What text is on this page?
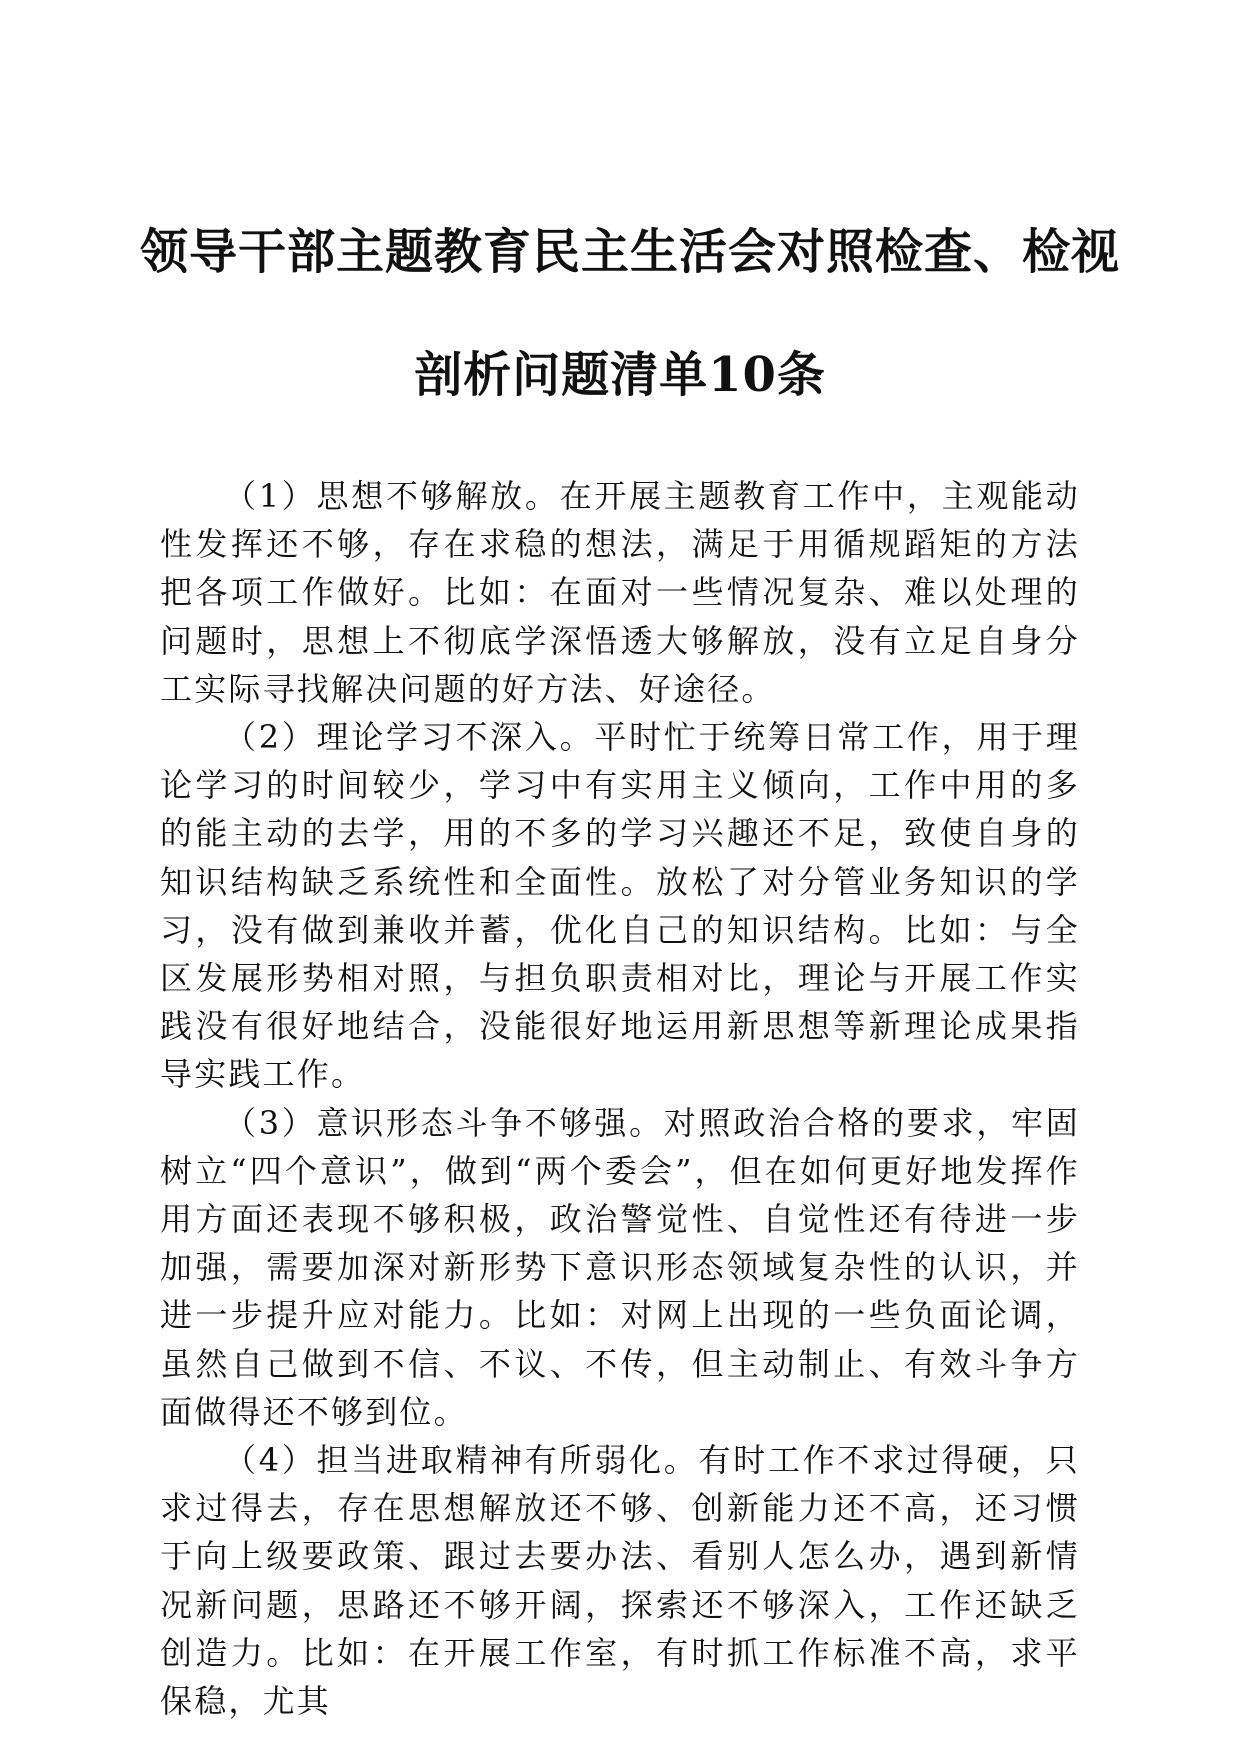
领导干部主题教育民主生活会对照检查、检视
剖析问题清单10条

（1）思想不够解放。在开展主题教育工作中，主观能动性发挥还不够，存在求稳的想法，满足于用循规蹈矩的方法把各项工作做好。比如：在面对一些情况复杂、难以处理的问题时，思想上不彻底学深悟透大够解放，没有立足自身分工实际寻找解决问题的好方法、好途径。

（2）理论学习不深入。平时忙于统筹日常工作，用于理论学习的时间较少，学习中有实用主义倾向，工作中用的多的能主动的去学，用的不多的学习兴趣还不足，致使自身的知识结构缺乏系统性和全面性。放松了对分管业务知识的学习，没有做到兼收并蓄，优化自己的知识结构。比如：与全区发展形势相对照，与担负职责相对比，理论与开展工作实践没有很好地结合，没能很好地运用新思想等新理论成果指导实践工作。

（3）意识形态斗争不够强。对照政治合格的要求，牢固树立“四个意识”，做到“两个委会”，但在如何更好地发挥作用方面还表现不够积极，政治警觉性、自觉性还有待进一步加强，需要加深对新形势下意识形态领域复杂性的认识，并进一步提升应对能力。比如：对网上出现的一些负面论调，虽然自己做到不信、不议、不传，但主动制止、有效斗争方面做得还不够到位。

（4）担当进取精神有所弱化。有时工作不求过得硬，只求过得去，存在思想解放还不够、创新能力还不高，还习惯于向上级要政策、跟过去要办法、看别人怎么办，遇到新情况新问题，思路还不够开阔，探索还不够深入，工作还缺乏创造力。比如：在开展工作室，有时抓工作标准不高，求平保稳，尤其
